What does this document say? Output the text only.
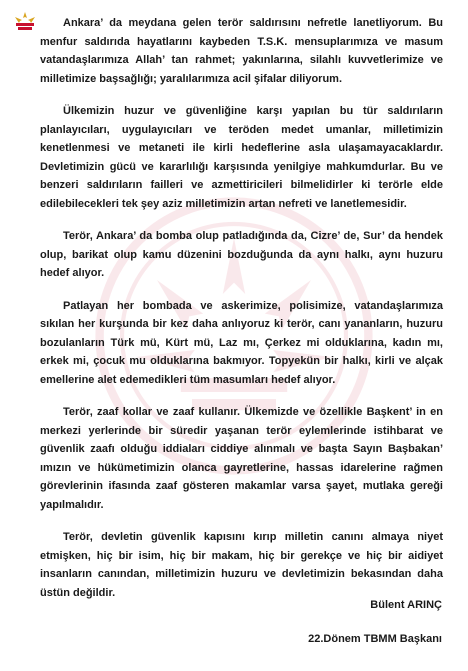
Ankara’ da meydana gelen terör saldırısını nefretle lanetliyorum. Bu menfur saldırıda hayatlarını kaybeden T.S.K. mensuplarımıza ve masum vatandaşlarımıza Allah’ tan rahmet; yakınlarına, silahlı kuvvetlerimize ve milletimize başsağlığı; yaralılarımıza acil şifalar diliyorum.

Ülkemizin huzur ve güvenliğine karşı yapılan bu tür saldırıların planlayıcıları, uygulayıcıları ve teröden medet umanlar, milletimizin kenetlenmesi ve metaneti ile kirli hedeflerine asla ulaşamayacaklardır. Devletimizin gücü ve kararlılığı karşısında yenilgiye mahkumdurlar. Bu ve benzeri saldırıların failleri ve azmettiricileri bilmelidirler ki terörle elde edilebilecekleri tek şey aziz milletimizin artan nefreti ve lanetlemesidir.

Terör, Ankara’ da bomba olup patladığında da, Cizre’ de, Sur’ da hendek olup, barikat olup kamu düzenini bozduğunda da aynı halkı, aynı huzuru hedef alıyor.

Patlayan her bombada ve askerimize, polisimize, vatandaşlarımıza sıkılan her kurşunda bir kez daha anlıyoruz ki terör, canı yananların, huzuru bozulanların Türk mü, Kürt mü, Laz mı, Çerkez mi olduklarına, kadın mı, erkek mi, çocuk mu olduklarına bakmıyor. Topyekün bir halkı, kirli ve alçak emellerine alet edemedikleri tüm masumları hedef alıyor.

Terör, zaaf kollar ve zaaf kullanır. Ülkemizde ve özellikle Başkent’ in en merkezi yerlerinde bir süredir yaşanan terör eylemlerinde istihbarat ve güvenlik zaafı olduğu iddiaları ciddiye alınmalı ve başta Sayın Başbakan’ ımızın ve hükümetimizin olanca gayretlerine, hassas idarelerine rağmen görevlerinin ifasında zaaf gösteren makamlar varsa şayet, mutlaka gereği yapılmalıdır.

Terör, devletin güvenlik kapısını kırıp milletin canını almaya niyet etmişken, hiç bir isim, hiç bir makam, hiç bir gerekçe ve hiç bir aidiyet insanların canından, milletimizin huzuru ve devletimizin bekasından daha üstün değildir.

Bülent ARINÇ

22.Dönem TBMM Başkanı
